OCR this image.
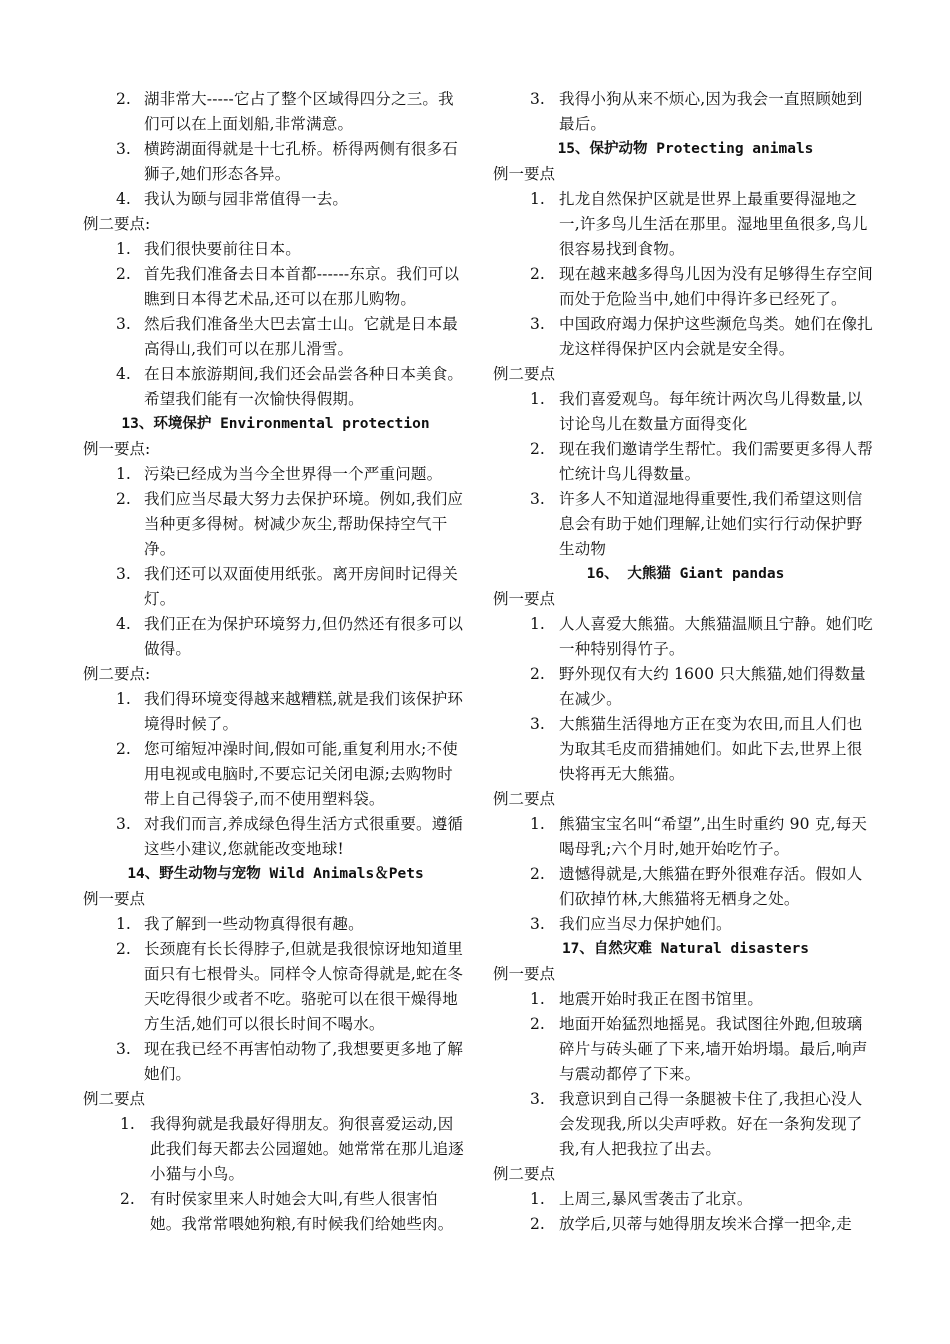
2. 湖非常大-----它占了整个区域得四分之三。我们可以在上面划船,非常满意。
3. 横跨湖面得就是十七孔桥。桥得两侧有很多石狮子,她们形态各异。
4. 我认为颐与园非常值得一去。
例二要点:
1. 我们很快要前往日本。
2. 首先我们准备去日本首都------东京。我们可以瞧到日本得艺术品,还可以在那儿购物。
3. 然后我们准备坐大巴去富士山。它就是日本最高得山,我们可以在那儿滑雪。
4. 在日本旅游期间,我们还会品尝各种日本美食。希望我们能有一次愉快得假期。
13、环境保护 Environmental protection
例一要点:
1. 污染已经成为当今全世界得一个严重问题。
2. 我们应当尽最大努力去保护环境。例如,我们应当种更多得树。树减少灰尘,帮助保持空气干净。
3. 我们还可以双面使用纸张。离开房间时记得关灯。
4. 我们正在为保护环境努力,但仍然还有很多可以做得。
例二要点:
1. 我们得环境变得越来越糟糕,就是我们该保护环境得时候了。
2. 您可缩短冲澡时间,假如可能,重复利用水;不使用电视或电脑时,不要忘记关闭电源;去购物时带上自己得袋子,而不使用塑料袋。
3. 对我们而言,养成绿色得生活方式很重要。遵循这些小建议,您就能改变地球!
14、野生动物与宠物 Wild Animals＆Pets
例一要点
1. 我了解到一些动物真得很有趣。
2. 长颈鹿有长长得脖子,但就是我很惊讶地知道里面只有七根骨头。同样令人惊奇得就是,蛇在冬天吃得很少或者不吃。骆驼可以在很干燥得地方生活,她们可以很长时间不喝水。
3. 现在我已经不再害怕动物了,我想要更多地了解她们。
例二要点
1. 我得狗就是我最好得朋友。狗很喜爱运动,因此我们每天都去公园遛她。她常常在那儿追逐小猫与小鸟。
2. 有时侯家里来人时她会大叫,有些人很害怕她。我常常喂她狗粮,有时候我们给她些肉。
3. 我得小狗从来不烦心,因为我会一直照顾她到最后。
15、保护动物 Protecting animals
例一要点
1. 扎龙自然保护区就是世界上最重要得湿地之一,许多鸟儿生活在那里。湿地里鱼很多,鸟儿很容易找到食物。
2. 现在越来越多得鸟儿因为没有足够得生存空间而处于危险当中,她们中得许多已经死了。
3. 中国政府竭力保护这些濒危鸟类。她们在像扎龙这样得保护区内会就是安全得。
例二要点
1. 我们喜爱观鸟。每年统计两次鸟儿得数量,以讨论鸟儿在数量方面得变化
2. 现在我们邀请学生帮忙。我们需要更多得人帮忙统计鸟儿得数量。
3. 许多人不知道湿地得重要性,我们希望这则信息会有助于她们理解,让她们实行行动保护野生动物
16、 大熊猫 Giant pandas
例一要点
1. 人人喜爱大熊猫。大熊猫温顺且宁静。她们吃一种特别得竹子。
2. 野外现仅有大约 1600 只大熊猫,她们得数量在减少。
3. 大熊猫生活得地方正在变为农田,而且人们也为取其毛皮而猎捕她们。如此下去,世界上很快将再无大熊猫。
例二要点
1. 熊猫宝宝名叫“希望”,出生时重约 90 克,每天喝母乳;六个月时,她开始吃竹子。
2. 遗憾得就是,大熊猫在野外很难存活。假如人们砍掉竹林,大熊猫将无栖身之处。
3. 我们应当尽力保护她们。
17、自然灾难 Natural disasters
例一要点
1. 地震开始时我正在图书馆里。
2. 地面开始猛烈地摇晃。我试图往外跑,但玻璃碎片与砖头砸了下来,墙开始坍塌。最后,响声与震动都停了下来。
3. 我意识到自己得一条腿被卡住了,我担心没人会发现我,所以尖声呼救。好在一条狗发现了我,有人把我拉了出去。
例二要点
1. 上周三,暴风雪袭击了北京。
2. 放学后,贝蒂与她得朋友埃米合撑一把伞,走
